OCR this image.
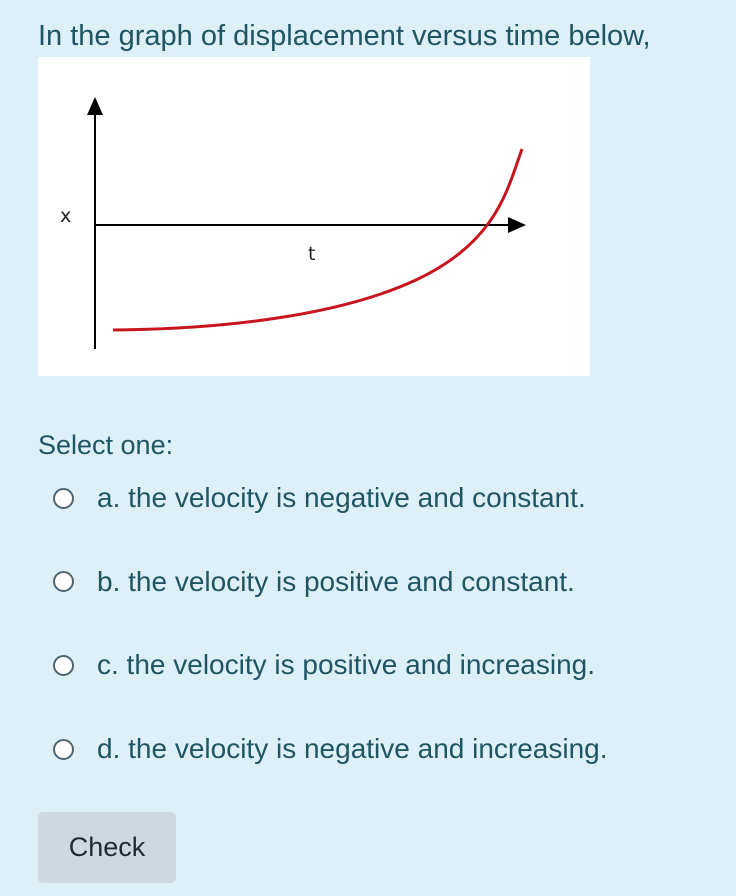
In the graph of displacement versus time below,
x
t
Select one:
a. the velocity is negative and constant.
b. the velocity is positive and constant.
c. the velocity is positive and increasing.
d. the velocity is negative and increasing.
Check
